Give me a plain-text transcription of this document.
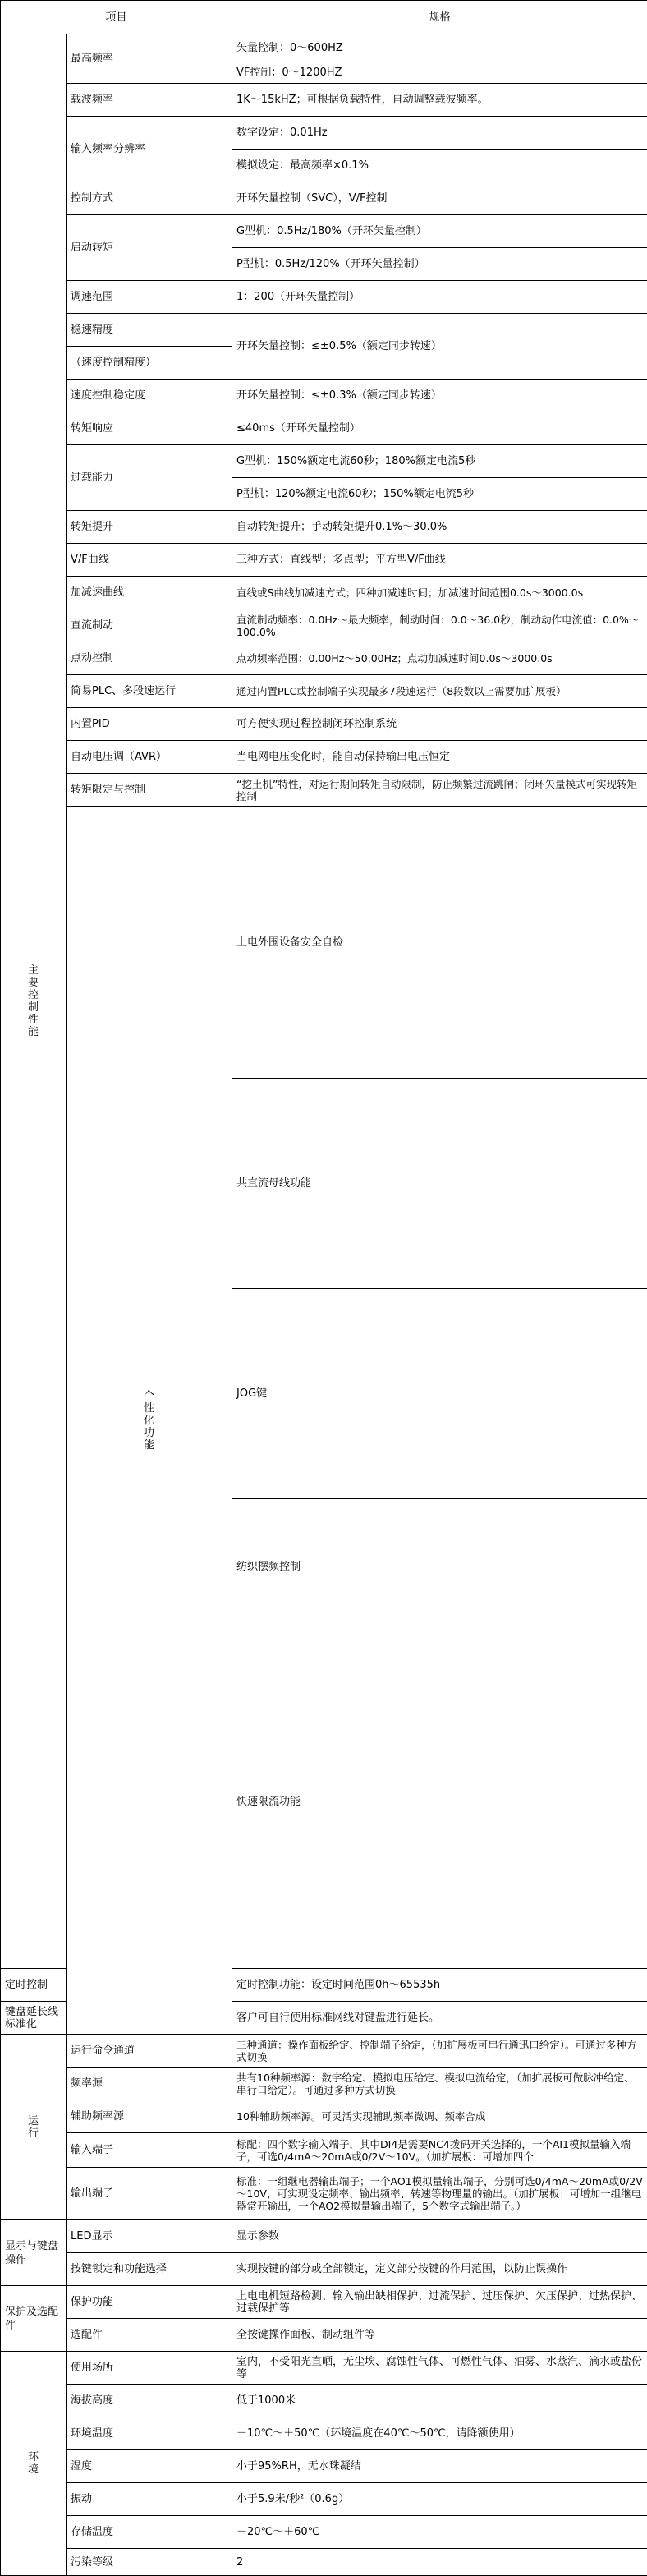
项目		规格	
主要控制性能	最高频率	矢量控制：0～600HZ	
		VF控制：0～1200HZ	
	载波频率	1K～15kHZ；可根据负载特性，自动调整载波频率。	
	输入频率分辨率	数字设定：0.01Hz	
		模拟设定：最高频率×0.1%	
	控制方式	开环矢量控制（SVC），V/F控制	
	启动转矩	G型机：0.5Hz/180%（开环矢量控制）	
		P型机：0.5Hz/120%（开环矢量控制）	
	调速范围	1：200（开环矢量控制）	
	稳速精度	开环矢量控制：≤±0.5%（额定同步转速）	
	（速度控制精度）		
	速度控制稳定度	开环矢量控制：≤±0.3%（额定同步转速）	
	转矩响应	≤40ms（开环矢量控制）	
	过载能力	G型机：150%额定电流60秒；180%额定电流5秒	
		P型机：120%额定电流60秒；150%额定电流5秒	
	转矩提升	自动转矩提升；手动转矩提升0.1%～30.0%	
	V/F曲线	三种方式：直线型；多点型；平方型V/F曲线	
	加减速曲线	直线或S曲线加减速方式；四种加减速时间；加减速时间范围0.0s～3000.0s	
	直流制动	直流制动频率：0.0Hz～最大频率，制动时间：0.0～36.0秒，制动动作电流值：0.0%～100.0%	
	点动控制	点动频率范围：0.00Hz～50.00Hz；点动加减速时间0.0s～3000.0s	
	简易PLC、多段速运行	通过内置PLC或控制端子实现最多7段速运行（8段数以上需要加扩展板）	
	内置PID	可方便实现过程控制闭环控制系统	
	自动电压调（AVR）	当电网电压变化时，能自动保持输出电压恒定	
	转矩限定与控制	“挖土机”特性，对运行期间转矩自动限制，防止频繁过流跳闸；闭环矢量模式可实现转矩控制	
	个性化功能	上电外围设备安全自检	
		共直流母线功能	
		JOG键	
		纺织摆频控制	
		快速限流功能	
定时控制		定时控制功能：设定时间范围0h～65535h	
键盘延长线标准化		客户可自行使用标准网线对键盘进行延长。	
运行	运行命令通道	三种通道：操作面板给定、控制端子给定，（加扩展板可串行通迅口给定）。可通过多种方式切换	
	频率源	共有10种频率源：数字给定、模拟电压给定、模拟电流给定，（加扩展板可做脉冲给定、串行口给定）。可通过多种方式切换	
	辅助频率源	10种辅助频率源。可灵活实现辅助频率微调、频率合成	
	输入端子	标配：四个数字输入端子，其中DI4是需要NC4拨码开关选择的，一个AI1模拟量输入端子，可选0/4mA～20mA或0/2V～10V。（加扩展板：可增加四个	
	输出端子	标准：一组继电器输出端子；一个AO1模拟量输出端子，分别可选0/4mA～20mA或0/2V～10V，可实现设定频率、输出频率、转速等物理量的输出。（加扩展板：可增加一组继电器常开输出，一个AO2模拟量输出端子，5个数字式输出端子。）	
显示与键盘操作	LED显示	显示参数	
	按键锁定和功能选择	实现按键的部分或全部锁定，定义部分按键的作用范围，以防止误操作	
保护及选配件	保护功能	上电电机短路检测、输入输出缺相保护、过流保护、过压保护、欠压保护、过热保护、过载保护等	
	选配件	全按键操作面板、制动组件等	
环境	使用场所	室内，不受阳光直晒，无尘埃、腐蚀性气体、可燃性气体、油雾、水蒸汽、滴水或盐份等	
	海拔高度	低于1000米	
	环境温度	－10℃～＋50℃（环境温度在40℃～50℃，请降额使用）	
	湿度	小于95%RH，无水珠凝结	
	振动	小于5.9米/秒²（0.6g）	
	存储温度	－20℃～＋60℃	
	污染等级	2	
